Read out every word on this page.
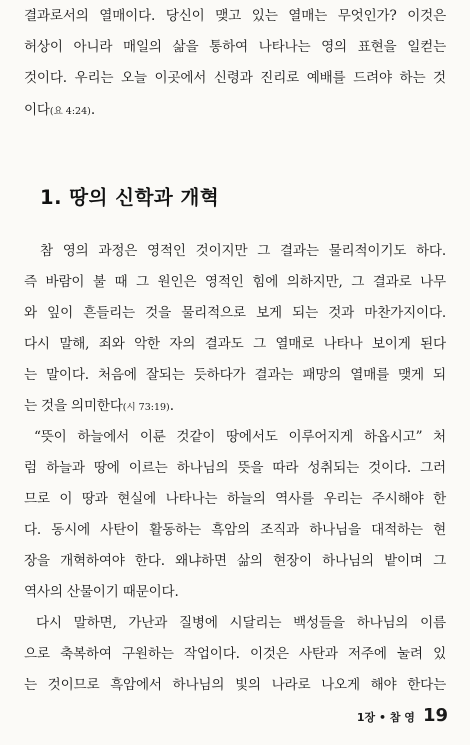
결과로서의 열매이다. 당신이 맺고 있는 열매는 무엇인가? 이것은
허상이 아니라 매일의 삶을 통하여 나타나는 영의 표현을 일컫는
것이다. 우리는 오늘 이곳에서 신령과 진리로 예배를 드려야 하는 것
이다(요 4:24).
1. 땅의 신학과 개혁
참 영의 과정은 영적인 것이지만 그 결과는 물리적이기도 하다.
즉 바람이 불 때 그 원인은 영적인 힘에 의하지만, 그 결과로 나무
와 잎이 흔들리는 것을 물리적으로 보게 되는 것과 마찬가지이다.
다시 말해, 죄와 악한 자의 결과도 그 열매로 나타나 보이게 된다
는 말이다. 처음에 잘되는 듯하다가 결과는 패망의 열매를 맺게 되
는 것을 의미한다(시 73:19).
“뜻이 하늘에서 이룬 것같이 땅에서도 이루어지게 하옵시고” 처
럼 하늘과 땅에 이르는 하나님의 뜻을 따라 성취되는 것이다. 그러
므로 이 땅과 현실에 나타나는 하늘의 역사를 우리는 주시해야 한
다. 동시에 사탄이 활동하는 흑암의 조직과 하나님을 대적하는 현
장을 개혁하여야 한다. 왜냐하면 삶의 현장이 하나님의 밭이며 그
역사의 산물이기 때문이다.
다시 말하면, 가난과 질병에 시달리는 백성들을 하나님의 이름
으로 축복하여 구원하는 작업이다. 이것은 사탄과 저주에 눌려 있
는 것이므로 흑암에서 하나님의 빛의 나라로 나오게 해야 한다는
1장 • 참 영 19
